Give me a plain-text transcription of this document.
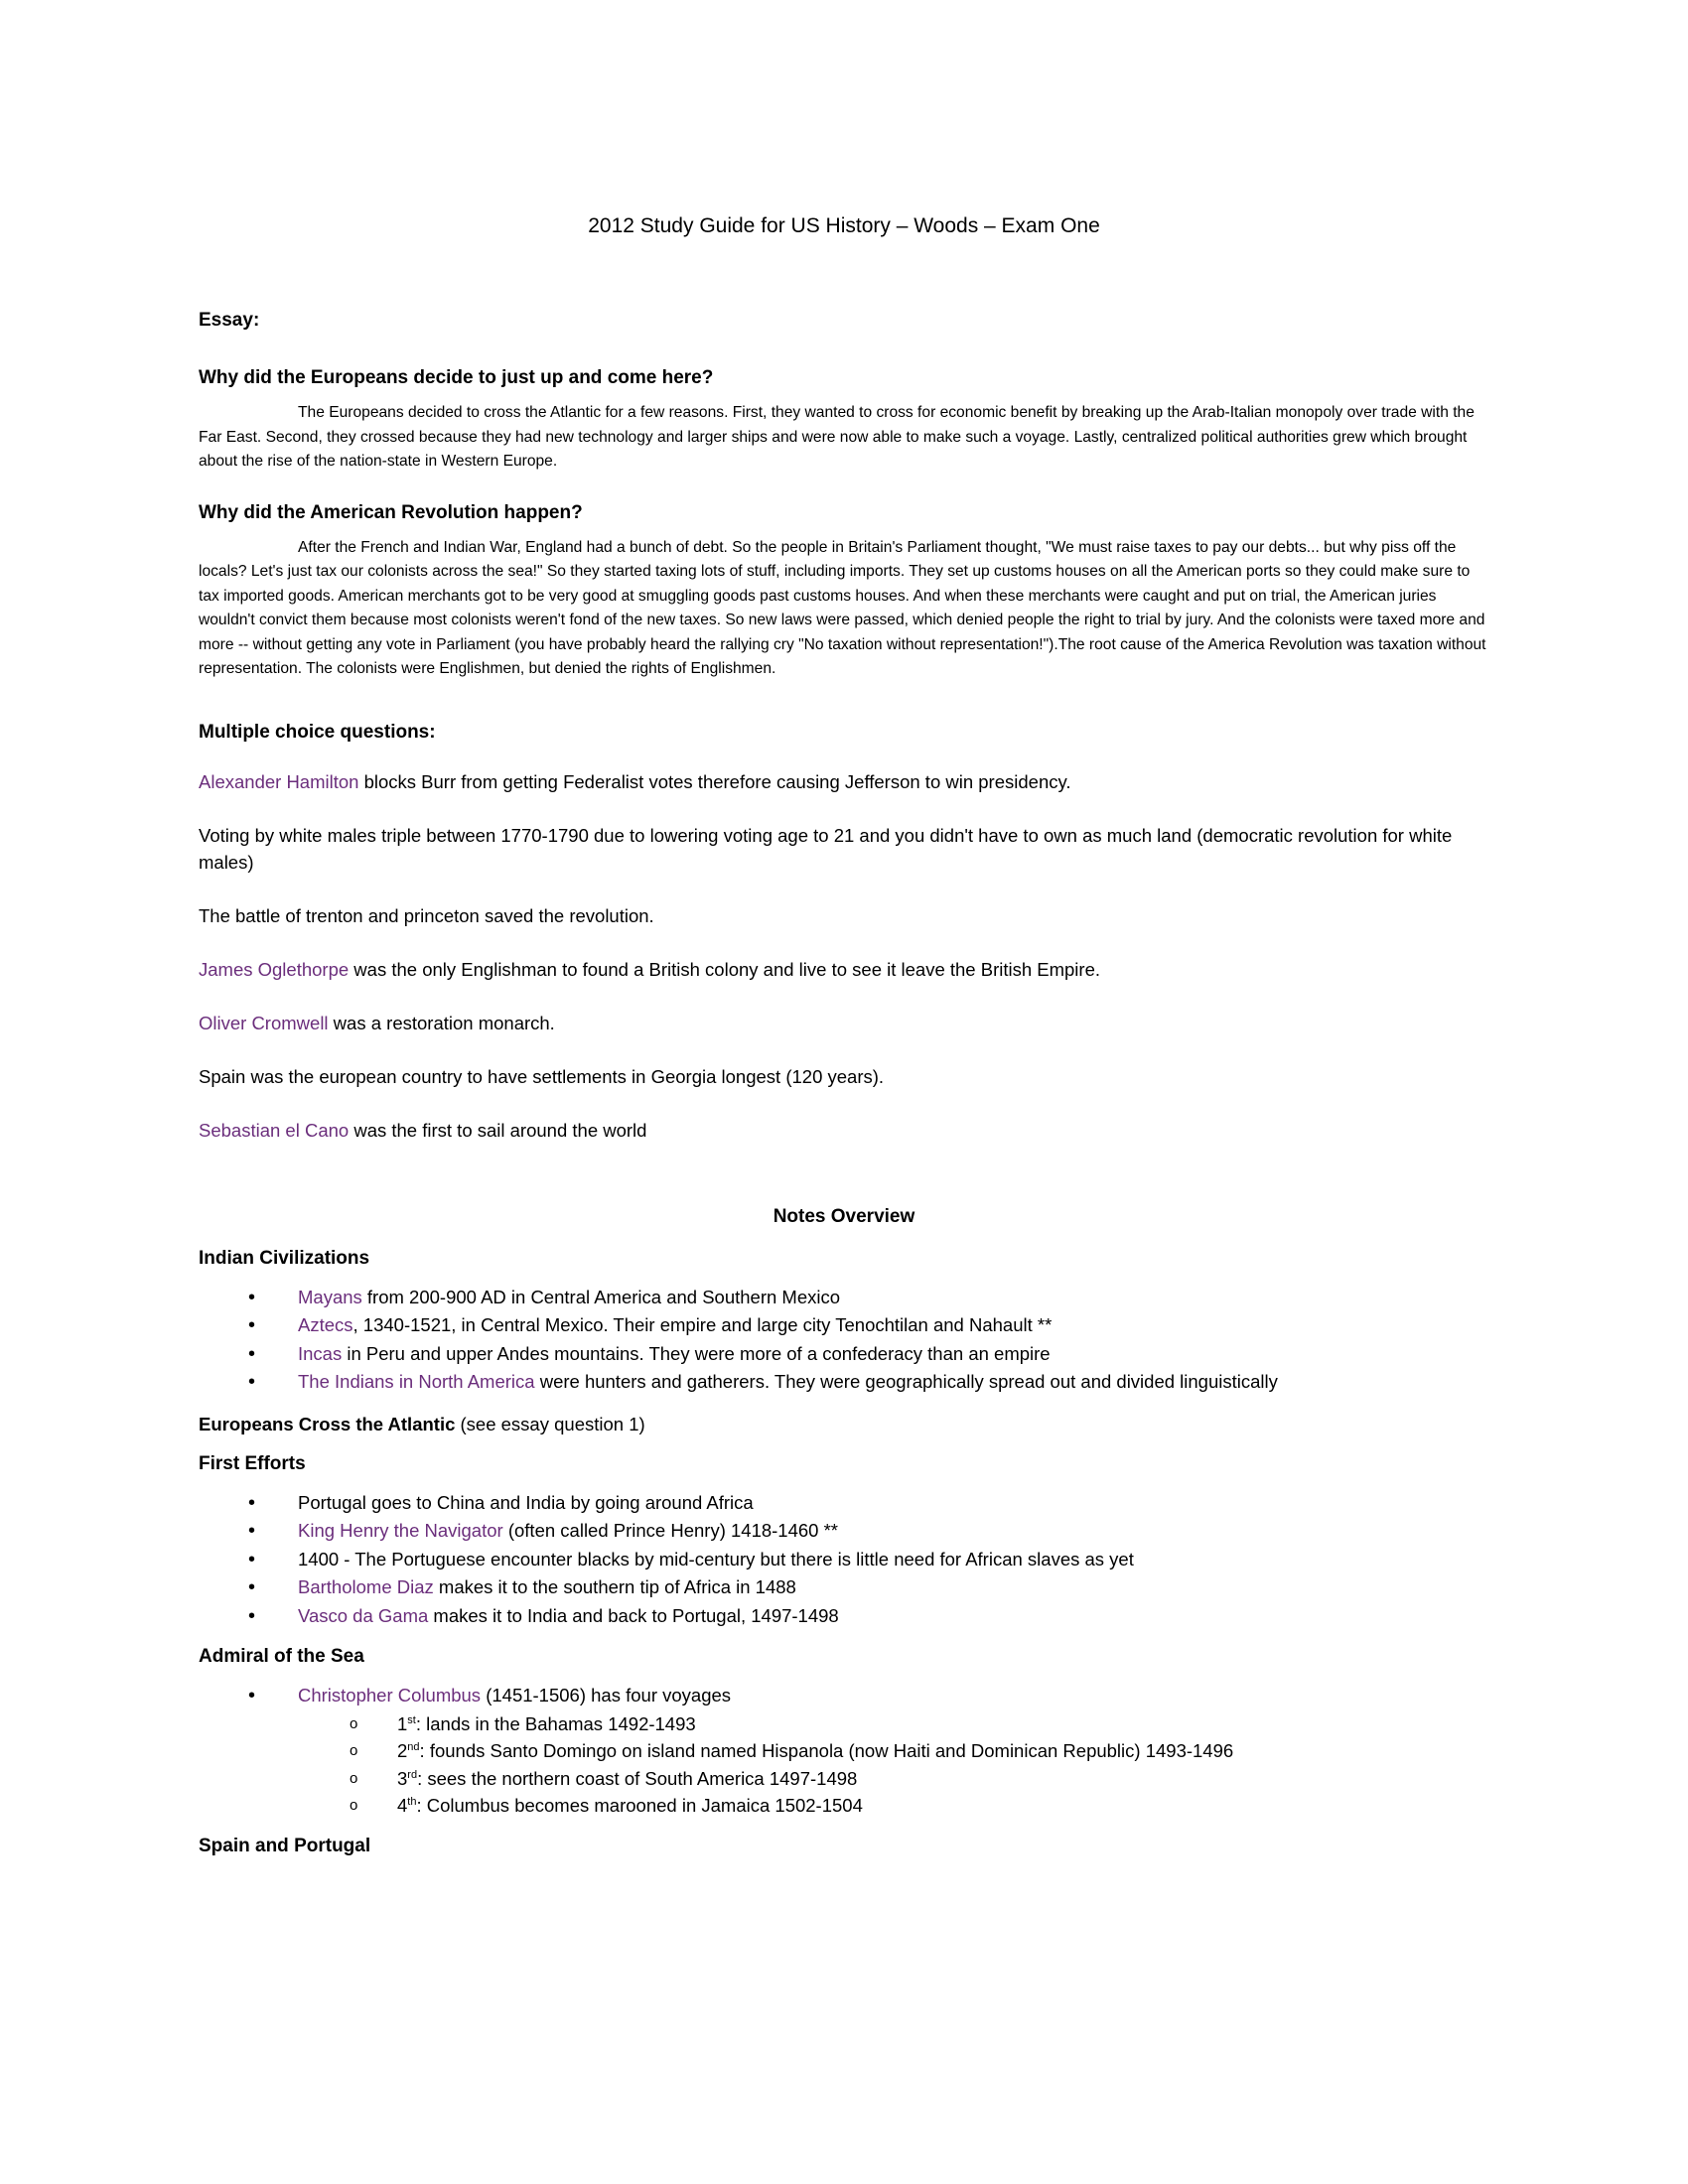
2012 Study Guide for US History – Woods – Exam One

Essay:

Why did the Europeans decide to just up and come here?

The Europeans decided to cross the Atlantic for a few reasons. First, they wanted to cross for economic benefit by breaking up the Arab-Italian monopoly over trade with the Far East. Second, they crossed because they had new technology and larger ships and were now able to make such a voyage. Lastly, centralized political authorities grew which brought about the rise of the nation-state in Western Europe.

Why did the American Revolution happen?

After the French and Indian War, England had a bunch of debt. So the people in Britain's Parliament thought, "We must raise taxes to pay our debts... but why piss off the locals? Let's just tax our colonists across the sea!" So they started taxing lots of stuff, including imports. They set up customs houses on all the American ports so they could make sure to tax imported goods. American merchants got to be very good at smuggling goods past customs houses. And when these merchants were caught and put on trial, the American juries wouldn't convict them because most colonists weren't fond of the new taxes. So new laws were passed, which denied people the right to trial by jury. And the colonists were taxed more and more -- without getting any vote in Parliament (you have probably heard the rallying cry "No taxation without representation!").The root cause of the America Revolution was taxation without representation. The colonists were Englishmen, but denied the rights of Englishmen.

Multiple choice questions:

Alexander Hamilton blocks Burr from getting Federalist votes therefore causing Jefferson to win presidency.

Voting by white males triple between 1770-1790 due to lowering voting age to 21 and you didn't have to own as much land (democratic revolution for white males)

The battle of trenton and princeton saved the revolution.

James Oglethorpe was the only Englishman to found a British colony and live to see it leave the British Empire.

Oliver Cromwell was a restoration monarch.

Spain was the european country to have settlements in Georgia longest (120 years).

Sebastian el Cano was the first to sail around the world

Notes Overview

Indian Civilizations

• Mayans from 200-900 AD in Central America and Southern Mexico
• Aztecs, 1340-1521, in Central Mexico. Their empire and large city Tenochtilan and Nahault **
• Incas in Peru and upper Andes mountains. They were more of a confederacy than an empire
• The Indians in North America were hunters and gatherers. They were geographically spread out and divided linguistically

Europeans Cross the Atlantic (see essay question 1)

First Efforts

• Portugal goes to China and India by going around Africa
• King Henry the Navigator (often called Prince Henry) 1418-1460 **
• 1400 - The Portuguese encounter blacks by mid-century but there is little need for African slaves as yet
• Bartholome Diaz makes it to the southern tip of Africa in 1488
• Vasco da Gama makes it to India and back to Portugal, 1497-1498

Admiral of the Sea

• Christopher Columbus (1451-1506) has four voyages
o 1st: lands in the Bahamas 1492-1493
o 2nd: founds Santo Domingo on island named Hispanola (now Haiti and Dominican Republic) 1493-1496
o 3rd: sees the northern coast of South America 1497-1498
o 4th: Columbus becomes marooned in Jamaica 1502-1504

Spain and Portugal
